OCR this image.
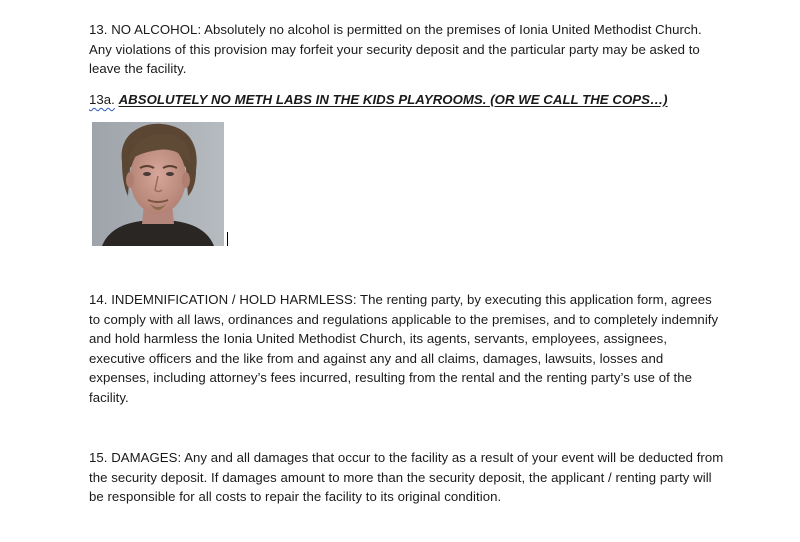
13. NO ALCOHOL: Absolutely no alcohol is permitted on the premises of Ionia United Methodist Church. Any violations of this provision may forfeit your security deposit and the particular party may be asked to leave the facility.

13a. ABSOLUTELY NO METH LABS IN THE KIDS PLAYROOMS. (OR WE CALL THE COPS…)

14. INDEMNIFICATION / HOLD HARMLESS: The renting party, by executing this application form, agrees to comply with all laws, ordinances and regulations applicable to the premises, and to completely indemnify and hold harmless the Ionia United Methodist Church, its agents, servants, employees, assignees, executive officers and the like from and against any and all claims, damages, lawsuits, losses and expenses, including attorney’s fees incurred, resulting from the rental and the renting party’s use of the facility.

15. DAMAGES: Any and all damages that occur to the facility as a result of your event will be deducted from the security deposit. If damages amount to more than the security deposit, the applicant / renting party will be responsible for all costs to repair the facility to its original condition.
